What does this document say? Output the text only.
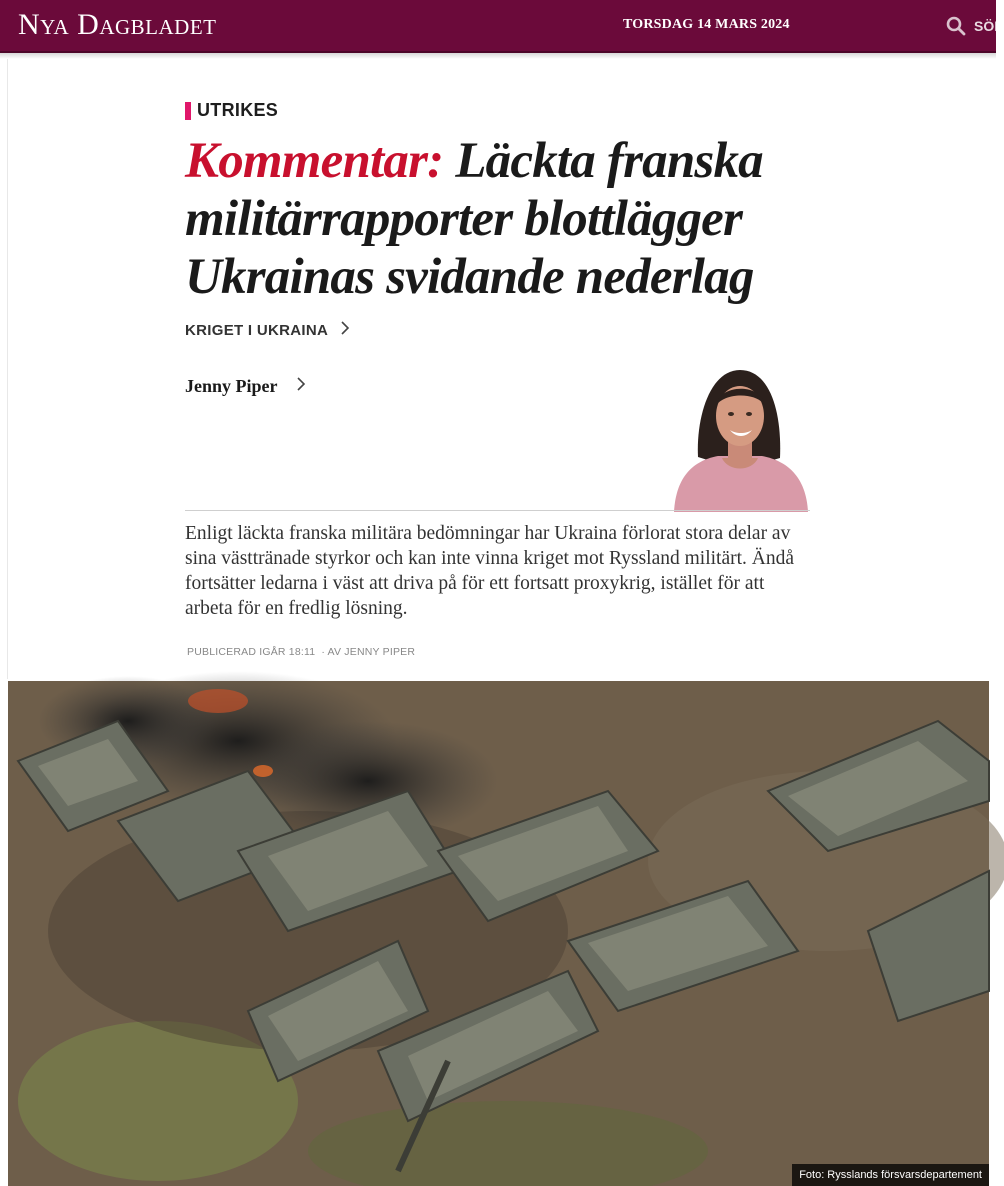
Nya Dagbladet	TORSDAG 14 MARS 2024	SÖK
UTRIKES
Kommentar: Läckta franska militärrapporter blottlägger Ukrainas svidande nederlag
KRIGET I UKRAINA
Jenny Piper

Enligt läckta franska militära bedömningar har Ukraina förlorat stora delar av sina västtränade styrkor och kan inte vinna kriget mot Ryssland militärt. Ändå fortsätter ledarna i väst att driva på för ett fortsatt proxykrig, istället för att arbeta för en fredlig lösning.

PUBLICERAD IGÅR 18:11 · AV JENNY PIPER
Foto: Rysslands försvarsdepartement
